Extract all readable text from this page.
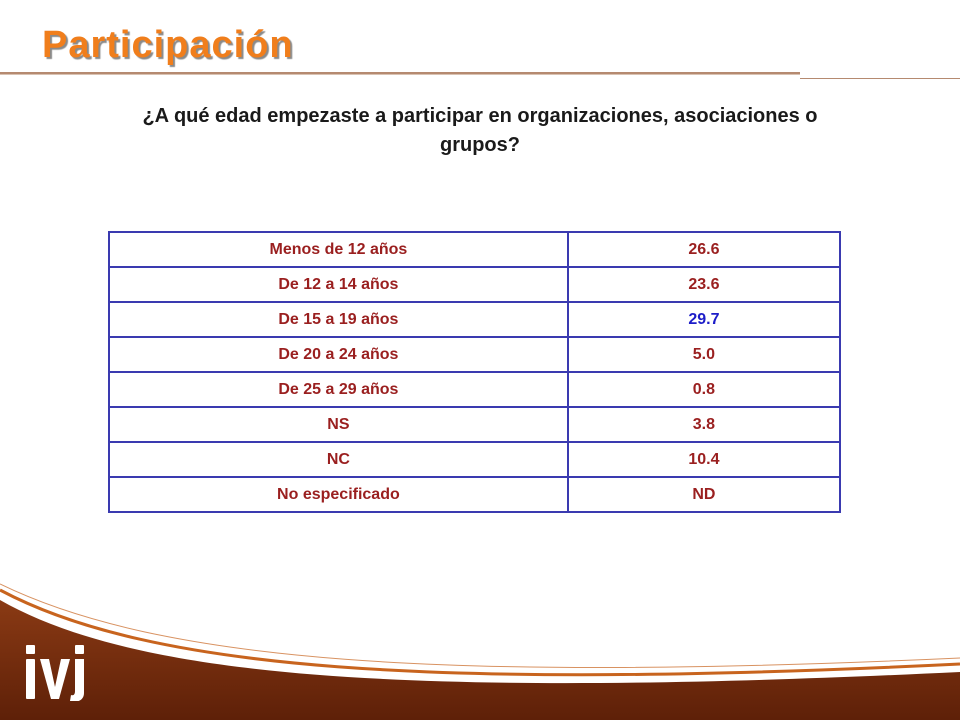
Participación

¿A qué edad empezaste a participar en organizaciones, asociaciones o grupos?

Menos de 12 años	26.6
De 12 a 14 años	23.6
De 15 a 19 años	29.7
De 20 a 24 años	5.0
De 25 a 29 años	0.8
NS	3.8
NC	10.4
No especificado	ND
